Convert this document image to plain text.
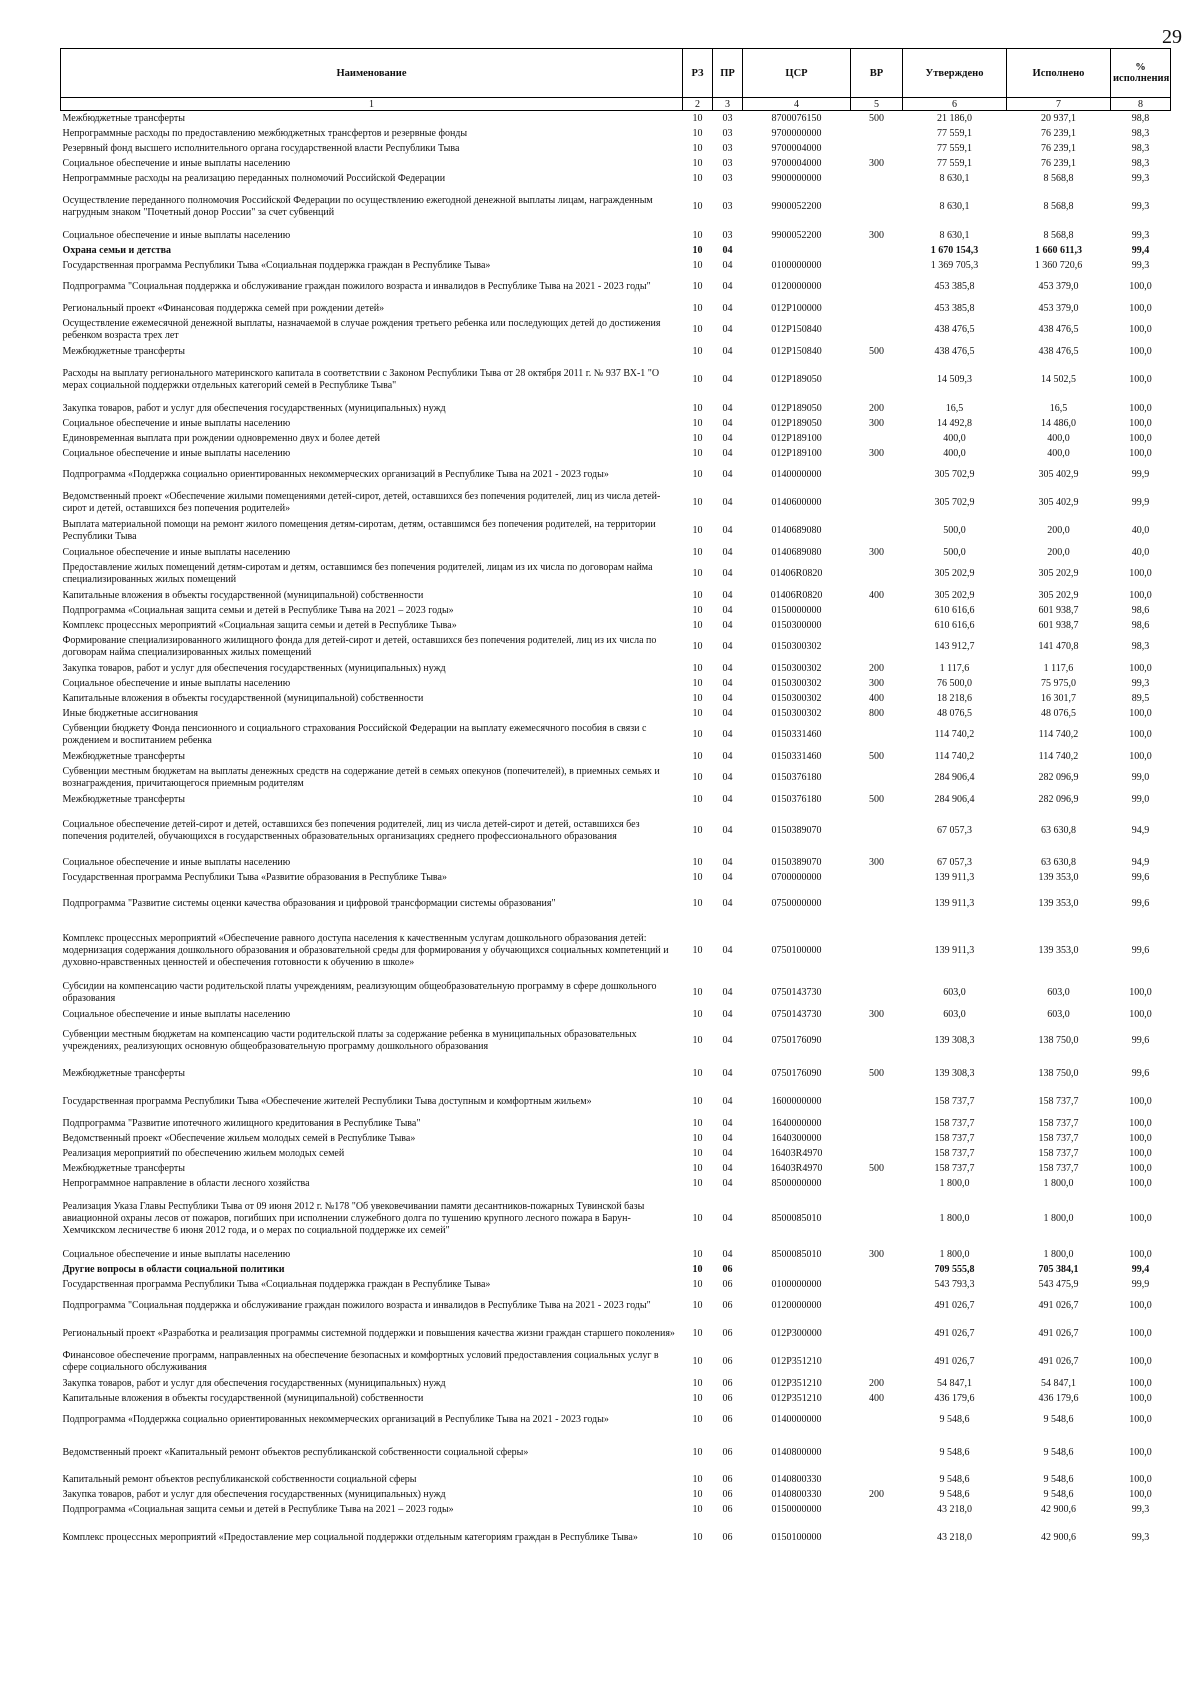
29
Наименование	РЗ	ПР	ЦСР	ВР	Утверждено	Исполнено	% исполнения
1	2	3	4	5	6	7	8
Межбюджетные трансферты	10	03	8700076150	500	21 186,0	20 937,1	98,8
Непрограммные расходы по предоставлению межбюджетных трансфертов и резервные фонды	10	03	9700000000		77 559,1	76 239,1	98,3
Резервный фонд высшего исполнительного органа государственной власти Республики Тыва	10	03	9700004000		77 559,1	76 239,1	98,3
Социальное обеспечение и иные выплаты населению	10	03	9700004000	300	77 559,1	76 239,1	98,3
Непрограммные расходы на реализацию переданных полномочий Российской Федерации	10	03	9900000000		8 630,1	8 568,8	99,3
Осуществление переданного полномочия Российской Федерации по осуществлению ежегодной денежной выплаты лицам, награжденным нагрудным знаком "Почетный донор России" за счет субвенций	10	03	9900052200		8 630,1	8 568,8	99,3
Социальное обеспечение и иные выплаты населению	10	03	9900052200	300	8 630,1	8 568,8	99,3
Охрана семьи и детства	10	04			1 670 154,3	1 660 611,3	99,4
Государственная программа Республики Тыва «Социальная поддержка граждан в Республике Тыва»	10	04	0100000000		1 369 705,3	1 360 720,6	99,3
Подпрограмма "Социальная поддержка и обслуживание граждан пожилого возраста и инвалидов в Республике Тыва на 2021 - 2023 годы"	10	04	0120000000		453 385,8	453 379,0	100,0
Региональный проект «Финансовая поддержка семей при рождении детей»	10	04	012P100000		453 385,8	453 379,0	100,0
Осуществление ежемесячной денежной выплаты, назначаемой в случае рождения третьего ребенка или последующих детей до достижения ребенком возраста трех лет	10	04	012P150840		438 476,5	438 476,5	100,0
Межбюджетные трансферты	10	04	012P150840	500	438 476,5	438 476,5	100,0
Расходы на выплату регионального материнского капитала в соответствии с Законом Республики Тыва от 28 октября 2011 г. № 937 ВХ-1 "О мерах социальной поддержки отдельных категорий семей в Республике Тыва"	10	04	012P189050		14 509,3	14 502,5	100,0
Закупка товаров, работ и услуг для обеспечения государственных (муниципальных) нужд	10	04	012P189050	200	16,5	16,5	100,0
Социальное обеспечение и иные выплаты населению	10	04	012P189050	300	14 492,8	14 486,0	100,0
Единовременная выплата при рождении одновременно двух и более детей	10	04	012P189100		400,0	400,0	100,0
Социальное обеспечение и иные выплаты населению	10	04	012P189100	300	400,0	400,0	100,0
Подпрограмма «Поддержка социально ориентированных некоммерческих организаций в Республике Тыва на 2021 - 2023 годы»	10	04	0140000000		305 702,9	305 402,9	99,9
Ведомственный проект «Обеспечение жилыми помещениями детей-сирот, детей, оставшихся без попечения родителей, лиц из числа детей-сирот и детей, оставшихся без попечения родителей»	10	04	0140600000		305 702,9	305 402,9	99,9
Выплата материальной помощи на ремонт жилого помещения детям-сиротам, детям, оставшимся без попечения родителей, на территории Республики Тыва	10	04	0140689080		500,0	200,0	40,0
Социальное обеспечение и иные выплаты населению	10	04	0140689080	300	500,0	200,0	40,0
Предоставление жилых помещений детям-сиротам и детям, оставшимся без попечения родителей, лицам из их числа по договорам найма специализированных жилых помещений	10	04	01406R0820		305 202,9	305 202,9	100,0
Капитальные вложения в объекты государственной (муниципальной) собственности	10	04	01406R0820	400	305 202,9	305 202,9	100,0
Подпрограмма «Социальная защита семьи и детей в Республике Тыва на 2021 – 2023 годы»	10	04	0150000000		610 616,6	601 938,7	98,6
Комплекс процессных мероприятий «Социальная защита семьи и детей в Республике Тыва»	10	04	0150300000		610 616,6	601 938,7	98,6
Формирование специализированного жилищного фонда для детей-сирот и детей, оставшихся без попечения родителей, лиц из их числа по договорам найма специализированных жилых помещений	10	04	0150300302		143 912,7	141 470,8	98,3
Закупка товаров, работ и услуг для обеспечения государственных (муниципальных) нужд	10	04	0150300302	200	1 117,6	1 117,6	100,0
Социальное обеспечение и иные выплаты населению	10	04	0150300302	300	76 500,0	75 975,0	99,3
Капитальные вложения в объекты государственной (муниципальной) собственности	10	04	0150300302	400	18 218,6	16 301,7	89,5
Иные бюджетные ассигнования	10	04	0150300302	800	48 076,5	48 076,5	100,0
Субвенции бюджету Фонда пенсионного и социального страхования Российской Федерации на выплату ежемесячного пособия в связи с рождением и воспитанием ребенка	10	04	0150331460		114 740,2	114 740,2	100,0
Межбюджетные трансферты	10	04	0150331460	500	114 740,2	114 740,2	100,0
Субвенции местным бюджетам на выплаты денежных средств на содержание детей в семьях опекунов (попечителей), в приемных семьях и вознаграждения, причитающегося приемным родителям	10	04	0150376180		284 906,4	282 096,9	99,0
Межбюджетные трансферты	10	04	0150376180	500	284 906,4	282 096,9	99,0
Социальное обеспечение детей-сирот и детей, оставшихся без попечения родителей, лиц из числа детей-сирот и детей, оставшихся без попечения родителей, обучающихся в государственных образовательных организациях среднего профессионального образования	10	04	0150389070		67 057,3	63 630,8	94,9
Социальное обеспечение и иные выплаты населению	10	04	0150389070	300	67 057,3	63 630,8	94,9
Государственная программа Республики Тыва «Развитие образования в Республике Тыва»	10	04	0700000000		139 911,3	139 353,0	99,6
Подпрограмма "Развитие системы оценки качества образования и цифровой трансформации системы образования"	10	04	0750000000		139 911,3	139 353,0	99,6
Комплекс процессных мероприятий «Обеспечение равного доступа населения к качественным услугам дошкольного образования детей: модернизация содержания дошкольного образования и образовательной среды для формирования у обучающихся социальных компетенций и духовно-нравственных ценностей и обеспечения готовности к обучению в школе»	10	04	0750100000		139 911,3	139 353,0	99,6
Субсидии на компенсацию части родительской платы учреждениям, реализующим общеобразовательную программу в сфере дошкольного образования	10	04	0750143730		603,0	603,0	100,0
Социальное обеспечение и иные выплаты населению	10	04	0750143730	300	603,0	603,0	100,0
Субвенции местным бюджетам на компенсацию части родительской платы за содержание ребенка в муниципальных образовательных учреждениях, реализующих основную общеобразовательную программу дошкольного образования	10	04	0750176090		139 308,3	138 750,0	99,6
Межбюджетные трансферты	10	04	0750176090	500	139 308,3	138 750,0	99,6
Государственная программа Республики Тыва «Обеспечение жителей Республики Тыва доступным и комфортным жильем»	10	04	1600000000		158 737,7	158 737,7	100,0
Подпрограмма "Развитие ипотечного жилищного кредитования в Республике Тыва"	10	04	1640000000		158 737,7	158 737,7	100,0
Ведомственный проект «Обеспечение жильем молодых семей в Республике Тыва»	10	04	1640300000		158 737,7	158 737,7	100,0
Реализация мероприятий по обеспечению жильем молодых семей	10	04	16403R4970		158 737,7	158 737,7	100,0
Межбюджетные трансферты	10	04	16403R4970	500	158 737,7	158 737,7	100,0
Непрограммное направление в области лесного хозяйства	10	04	8500000000		1 800,0	1 800,0	100,0
Реализация Указа Главы Республики Тыва от 09 июня 2012 г. №178 "Об увековечивании памяти десантников-пожарных Тувинской базы авиационной охраны лесов от пожаров, погибших при исполнении служебного долга по тушению крупного лесного пожара в Барун-Хемчикском лесничестве 6 июня 2012 года, и о мерах по социальной поддержке их семей"	10	04	8500085010		1 800,0	1 800,0	100,0
Социальное обеспечение и иные выплаты населению	10	04	8500085010	300	1 800,0	1 800,0	100,0
Другие вопросы в области социальной политики	10	06			709 555,8	705 384,1	99,4
Государственная программа Республики Тыва «Социальная поддержка граждан в Республике Тыва»	10	06	0100000000		543 793,3	543 475,9	99,9
Подпрограмма "Социальная поддержка и обслуживание граждан пожилого возраста и инвалидов в Республике Тыва на 2021 - 2023 годы"	10	06	0120000000		491 026,7	491 026,7	100,0
Региональный проект «Разработка и реализация программы системной поддержки и повышения качества жизни граждан старшего поколения»	10	06	012P300000		491 026,7	491 026,7	100,0
Финансовое обеспечение программ, направленных на обеспечение безопасных и комфортных условий предоставления социальных услуг в сфере социального обслуживания	10	06	012P351210		491 026,7	491 026,7	100,0
Закупка товаров, работ и услуг для обеспечения государственных (муниципальных) нужд	10	06	012P351210	200	54 847,1	54 847,1	100,0
Капитальные вложения в объекты государственной (муниципальной) собственности	10	06	012P351210	400	436 179,6	436 179,6	100,0
Подпрограмма «Поддержка социально ориентированных некоммерческих организаций в Республике Тыва на 2021 - 2023 годы»	10	06	0140000000		9 548,6	9 548,6	100,0
Ведомственный проект «Капитальный ремонт объектов республиканской собственности социальной сферы»	10	06	0140800000		9 548,6	9 548,6	100,0
Капитальный ремонт объектов республиканской собственности социальной сферы	10	06	0140800330		9 548,6	9 548,6	100,0
Закупка товаров, работ и услуг для обеспечения государственных (муниципальных) нужд	10	06	0140800330	200	9 548,6	9 548,6	100,0
Подпрограмма «Социальная защита семьи и детей в Республике Тыва на 2021 – 2023 годы»	10	06	0150000000		43 218,0	42 900,6	99,3
Комплекс процессных мероприятий «Предоставление мер социальной поддержки отдельным категориям граждан в Республике Тыва»	10	06	0150100000		43 218,0	42 900,6	99,3
